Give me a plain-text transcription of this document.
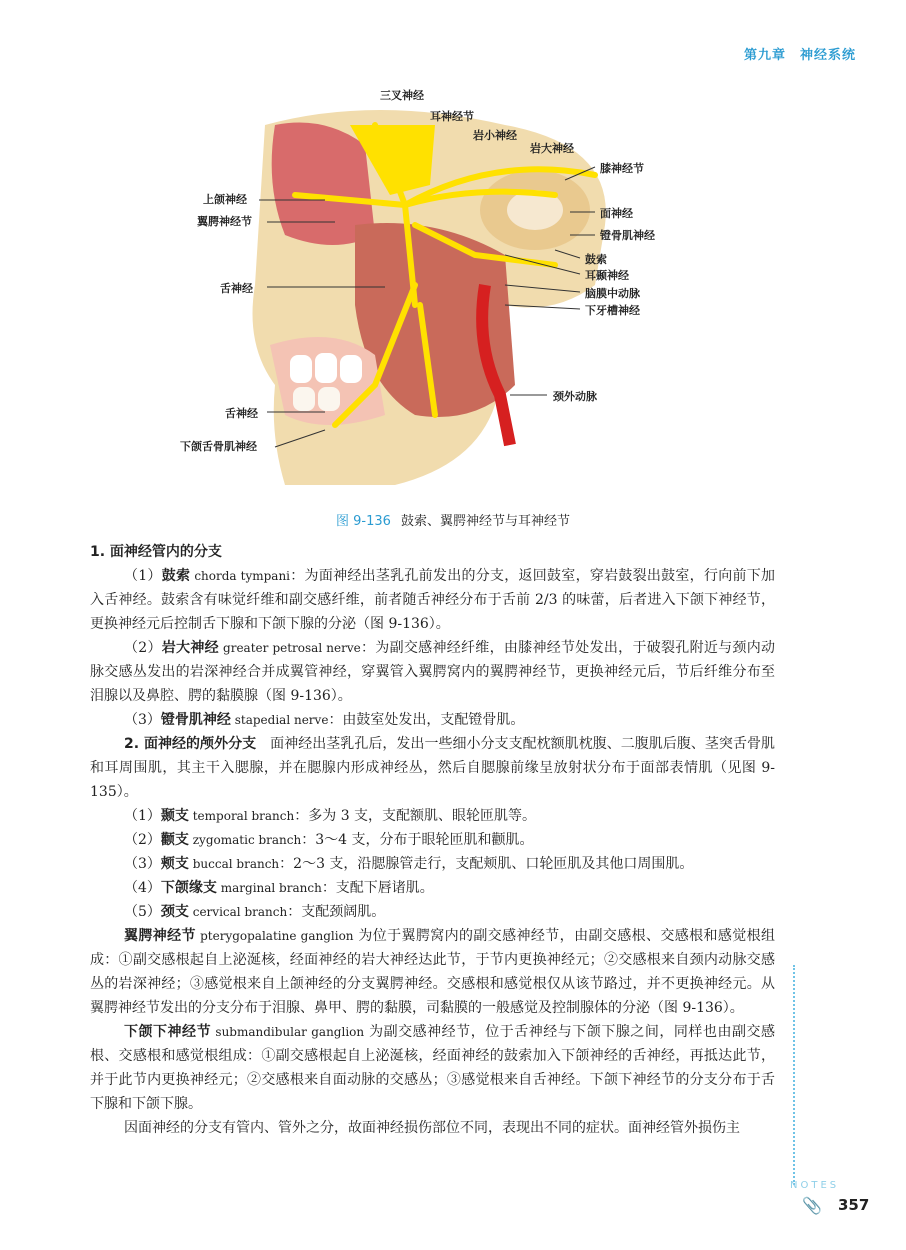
第九章　神经系统
三叉神经
耳神经节
岩小神经
岩大神经
膝神经节
上颌神经
翼腭神经节
面神经
镫骨肌神经
鼓索
耳颞神经
脑膜中动脉
下牙槽神经
舌神经
颈外动脉
舌神经
下颌舌骨肌神经
图 9-136 鼓索、翼腭神经节与耳神经节

1. 面神经管内的分支

（1）鼓索 chorda tympani：为面神经出茎乳孔前发出的分支，返回鼓室，穿岩鼓裂出鼓室，行向前下加入舌神经。鼓索含有味觉纤维和副交感纤维，前者随舌神经分布于舌前 2/3 的味蕾，后者进入下颌下神经节，更换神经元后控制舌下腺和下颌下腺的分泌（图 9-136）。

（2）岩大神经 greater petrosal nerve：为副交感神经纤维，由膝神经节处发出，于破裂孔附近与颈内动脉交感丛发出的岩深神经合并成翼管神经，穿翼管入翼腭窝内的翼腭神经节，更换神经元后，节后纤维分布至泪腺以及鼻腔、腭的黏膜腺（图 9-136）。

（3）镫骨肌神经 stapedial nerve：由鼓室处发出，支配镫骨肌。

2. 面神经的颅外分支　面神经出茎乳孔后，发出一些细小分支支配枕额肌枕腹、二腹肌后腹、茎突舌骨肌和耳周围肌，其主干入腮腺，并在腮腺内形成神经丛，然后自腮腺前缘呈放射状分布于面部表情肌（见图 9-135）。

（1）颞支 temporal branch：多为 3 支，支配额肌、眼轮匝肌等。

（2）颧支 zygomatic branch：3～4 支，分布于眼轮匝肌和颧肌。

（3）颊支 buccal branch：2～3 支，沿腮腺管走行，支配颊肌、口轮匝肌及其他口周围肌。

（4）下颌缘支 marginal branch：支配下唇诸肌。

（5）颈支 cervical branch：支配颈阔肌。

翼腭神经节 pterygopalatine ganglion 为位于翼腭窝内的副交感神经节，由副交感根、交感根和感觉根组成：①副交感根起自上泌涎核，经面神经的岩大神经达此节，于节内更换神经元；②交感根来自颈内动脉交感丛的岩深神经；③感觉根来自上颌神经的分支翼腭神经。交感根和感觉根仅从该节路过，并不更换神经元。从翼腭神经节发出的分支分布于泪腺、鼻甲、腭的黏膜，司黏膜的一般感觉及控制腺体的分泌（图 9-136）。

下颌下神经节 submandibular ganglion 为副交感神经节，位于舌神经与下颌下腺之间，同样也由副交感根、交感根和感觉根组成：①副交感根起自上泌涎核，经面神经的鼓索加入下颌神经的舌神经，再抵达此节，并于此节内更换神经元；②交感根来自面动脉的交感丛；③感觉根来自舌神经。下颌下神经节的分支分布于舌下腺和下颌下腺。

因面神经的分支有管内、管外之分，故面神经损伤部位不同，表现出不同的症状。面神经管外损伤主

NOTES
📎 357
